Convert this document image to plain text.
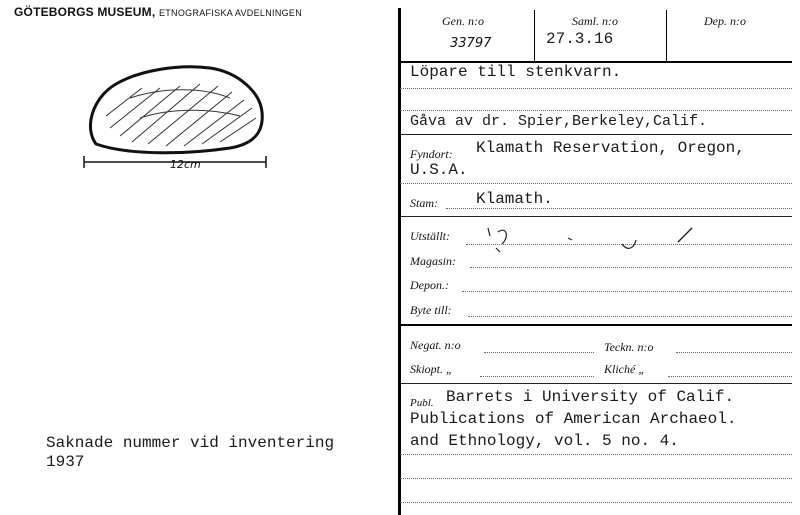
GÖTEBORGS MUSEUM, ETNOGRAFISKA AVDELNINGEN
12cm
Gen. n:o
33797
Saml. n:o
27.3.16
Dep. n:o
Löpare till stenkvarn.
Gåva av dr. Spier,Berkeley,Calif.
Fyndort: Klamath Reservation, Oregon,
U.S.A.
Stam: Klamath.
Utställt:
Magasin:
Depon.:
Byte till:
Negat. n:o	Teckn. n:o
Skiopt. „	Kliché „
Publ. Barrets i University of Calif.
Publications of American Archaeol.
and Ethnology, vol. 5 no. 4.
Saknade nummer vid inventering
1937
